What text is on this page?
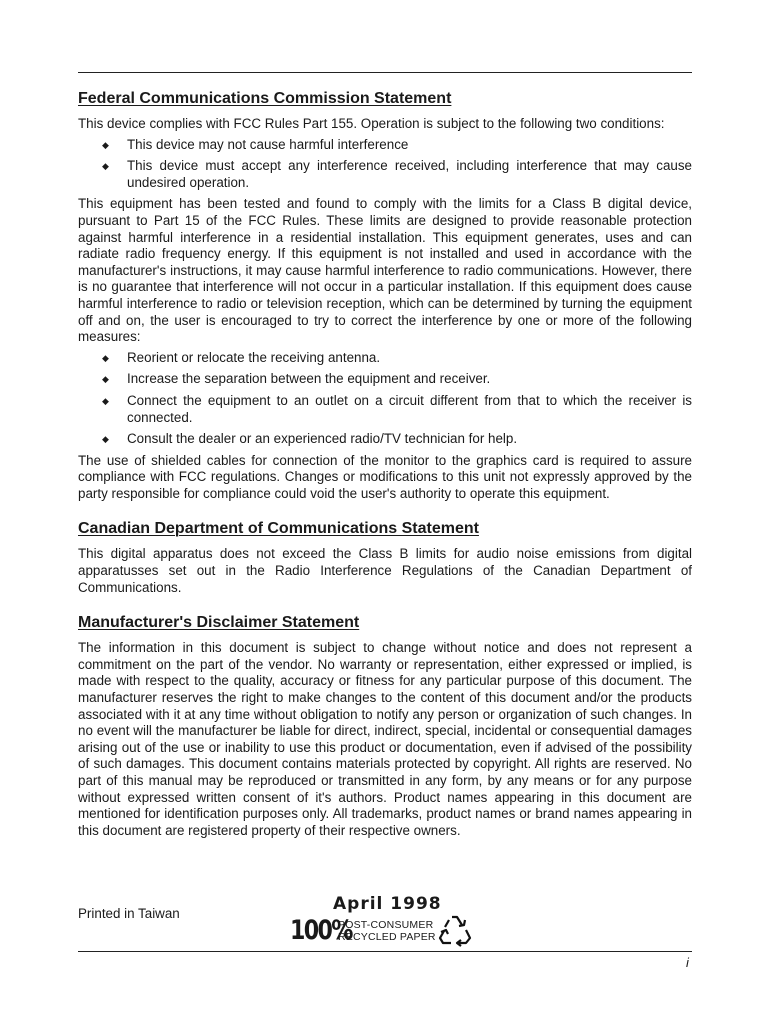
Federal Communications Commission Statement

This device complies with FCC Rules Part 155. Operation is subject to the following two conditions:

◆ This device may not cause harmful interference
◆ This device must accept any interference received, including interference that may cause undesired operation.

This equipment has been tested and found to comply with the limits for a Class B digital device, pursuant to Part 15 of the FCC Rules. These limits are designed to provide reasonable protection against harmful interference in a residential installation. This equipment generates, uses and can radiate radio frequency energy. If this equipment is not installed and used in accordance with the manufacturer's instructions, it may cause harmful interference to radio communications. However, there is no guarantee that interference will not occur in a particular installation. If this equipment does cause harmful interference to radio or television reception, which can be determined by turning the equipment off and on, the user is encouraged to try to correct the interference by one or more of the following measures:

◆ Reorient or relocate the receiving antenna.
◆ Increase the separation between the equipment and receiver.
◆ Connect the equipment to an outlet on a circuit different from that to which the receiver is connected.
◆ Consult the dealer or an experienced radio/TV technician for help.

The use of shielded cables for connection of the monitor to the graphics card is required to assure compliance with FCC regulations. Changes or modifications to this unit not expressly approved by the party responsible for compliance could void the user's authority to operate this equipment.

Canadian Department of Communications Statement

This digital apparatus does not exceed the Class B limits for audio noise emissions from digital apparatusses set out in the Radio Interference Regulations of the Canadian Department of Communications.

Manufacturer's Disclaimer Statement

The information in this document is subject to change without notice and does not represent a commitment on the part of the vendor. No warranty or representation, either expressed or implied, is made with respect to the quality, accuracy or fitness for any particular purpose of this document. The manufacturer reserves the right to make changes to the content of this document and/or the products associated with it at any time without obligation to notify any person or organization of such changes. In no event will the manufacturer be liable for direct, indirect, special, incidental or consequential damages arising out of the use or inability to use this product or documentation, even if advised of the possibility of such damages. This document contains materials protected by copyright. All rights are reserved. No part of this manual may be reproduced or transmitted in any form, by any means or for any purpose without expressed written consent of it's authors. Product names appearing in this document are mentioned for identification purposes only. All trademarks, product names or brand names appearing in this document are registered property of their respective owners.

Printed in Taiwan	April 1998
100%
POST-CONSUMER
RECYCLED PAPER
i
